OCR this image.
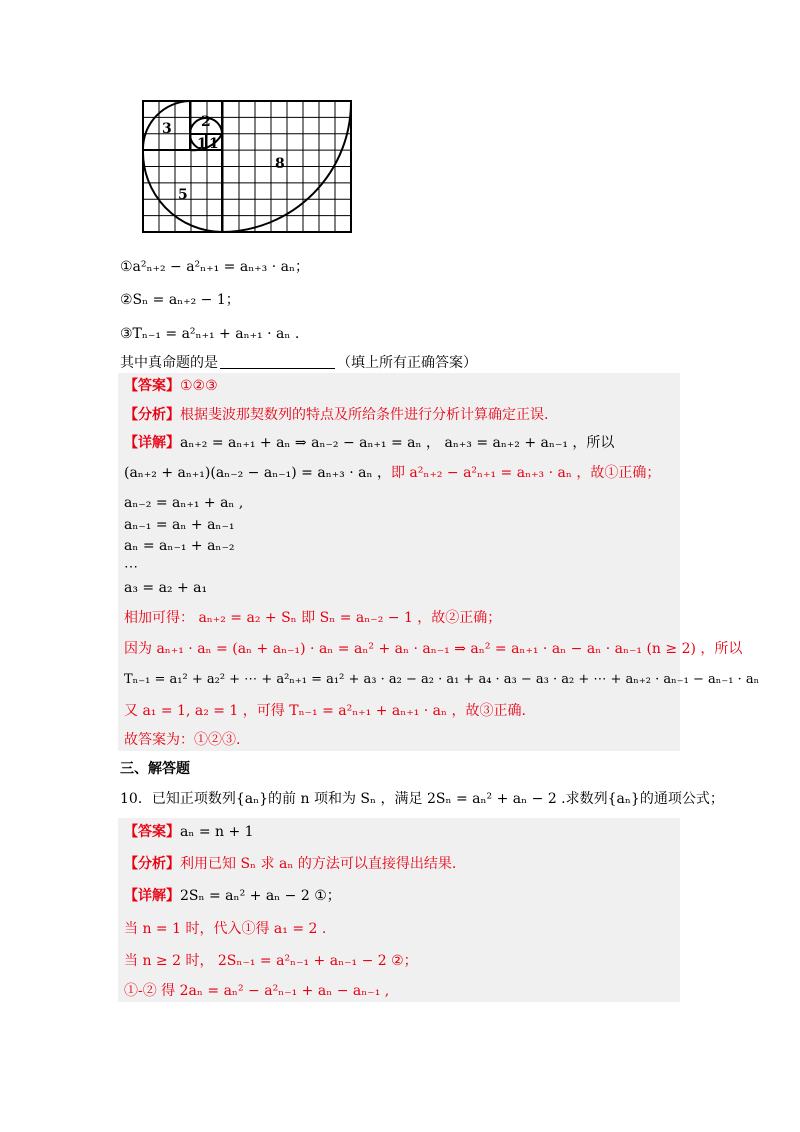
3 2
1 1
5
8
①a²ₙ₊₂ − a²ₙ₊₁ = aₙ₊₃ · aₙ；
②Sₙ = aₙ₊₂ − 1；
③Tₙ₋₁ = a²ₙ₊₁ + aₙ₊₁ · aₙ .
其中真命题的是	（填上所有正确答案）
【答案】①②③
【分析】根据斐波那契数列的特点及所给条件进行分析计算确定正误.
【详解】aₙ₊₂ = aₙ₊₁ + aₙ ⇒ aₙ₋₂ − aₙ₊₁ = aₙ ， aₙ₊₃ = aₙ₊₂ + aₙ₋₁ ，所以
(aₙ₊₂ + aₙ₊₁)(aₙ₋₂ − aₙ₋₁) = aₙ₊₃ · aₙ ，即 a²ₙ₊₂ − a²ₙ₊₁ = aₙ₊₃ · aₙ ，故①正确；
aₙ₋₂ = aₙ₊₁ + aₙ ,
aₙ₋₁ = aₙ + aₙ₋₁
aₙ = aₙ₋₁ + aₙ₋₂
⋯
a₃ = a₂ + a₁
相加可得： aₙ₊₂ = a₂ + Sₙ 即 Sₙ = aₙ₋₂ − 1 ，故②正确；
因为 aₙ₊₁ · aₙ = (aₙ + aₙ₋₁) · aₙ = aₙ² + aₙ · aₙ₋₁ ⇒ aₙ² = aₙ₊₁ · aₙ − aₙ · aₙ₋₁ (n ≥ 2) ，所以
Tₙ₋₁ = a₁² + a₂² + ⋯ + a²ₙ₊₁ = a₁² + a₃ · a₂ − a₂ · a₁ + a₄ · a₃ − a₃ · a₂ + ⋯ + aₙ₊₂ · aₙ₋₁ − aₙ₋₁ · aₙ
又 a₁ = 1, a₂ = 1 ，可得 Tₙ₋₁ = a²ₙ₊₁ + aₙ₊₁ · aₙ ，故③正确.
故答案为：①②③.
三、解答题
10．已知正项数列{aₙ}的前 n 项和为 Sₙ ，满足 2Sₙ = aₙ² + aₙ − 2 .求数列{aₙ}的通项公式；
【答案】aₙ = n + 1
【分析】利用已知 Sₙ 求 aₙ 的方法可以直接得出结果.
【详解】2Sₙ = aₙ² + aₙ − 2 ①；
当 n = 1 时，代入①得 a₁ = 2 .
当 n ≥ 2 时， 2Sₙ₋₁ = a²ₙ₋₁ + aₙ₋₁ − 2 ②；
①-② 得 2aₙ = aₙ² − a²ₙ₋₁ + aₙ − aₙ₋₁ ,
